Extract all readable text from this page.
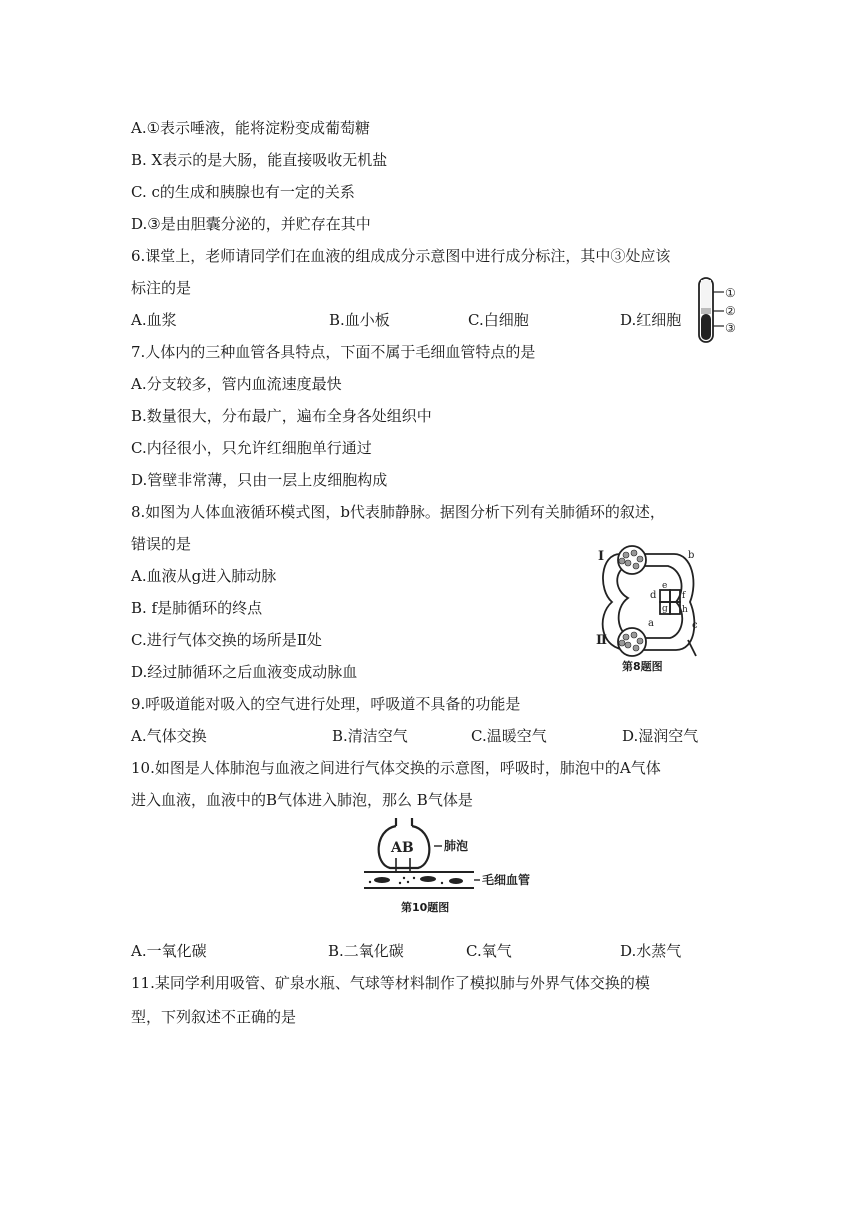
A.①表示唾液，能将淀粉变成葡萄糖
B. X表示的是大肠，能直接吸收无机盐
C. c的生成和胰腺也有一定的关系
D.③是由胆囊分泌的，并贮存在其中
6.课堂上，老师请同学们在血液的组成成分示意图中进行成分标注，其中③处应该
标注的是
A.血浆	B.血小板	C.白细胞	D.红细胞
①
②
③
7.人体内的三种血管各具特点，下面不属于毛细血管特点的是
A.分支较多，管内血流速度最快
B.数量很大，分布最广，遍布全身各处组织中
C.内径很小，只允许红细胞单行通过
D.管壁非常薄，只由一层上皮细胞构成
8.如图为人体血液循环模式图，b代表肺静脉。据图分析下列有关肺循环的叙述，
错误的是
A.血液从g进入肺动脉
B. f是肺循环的终点
C.进行气体交换的场所是Ⅱ处
D.经过肺循环之后血液变成动脉血
Ⅰ
Ⅱ
a
b
c
d
e
f
g h
第8题图
9.呼吸道能对吸入的空气进行处理，呼吸道不具备的功能是
A.气体交换	B.清洁空气	C.温暖空气	D.湿润空气
10.如图是人体肺泡与血液之间进行气体交换的示意图，呼吸时，肺泡中的A气体
进入血液，血液中的B气体进入肺泡，那么 B气体是
AB	肺泡
毛细血管
第10题图
A.一氧化碳	B.二氧化碳	C.氧气	D.水蒸气
11.某同学利用吸管、矿泉水瓶、气球等材料制作了模拟肺与外界气体交换的模
型，下列叙述不正确的是
